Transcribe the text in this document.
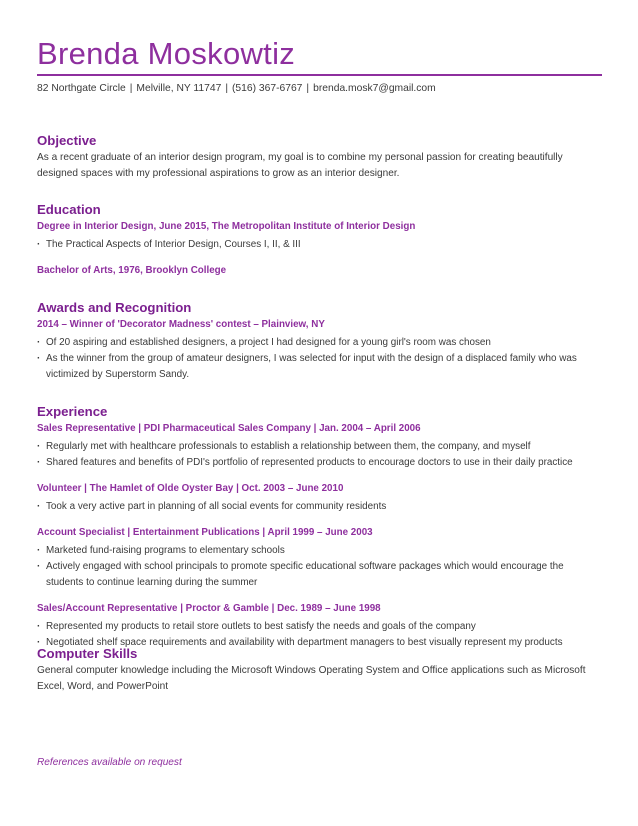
Brenda Moskowtiz
82 Northgate Circle | Melville, NY 11747 | (516) 367-6767 | brenda.mosk7@gmail.com
Objective

As a recent graduate of an interior design program, my goal is to combine my personal passion for creating beautifully designed spaces with my professional aspirations to grow as an interior designer.

Education
Degree in Interior Design, June 2015, The Metropolitan Institute of Interior Design
· The Practical Aspects of Interior Design, Courses I, II, & III
Bachelor of Arts, 1976, Brooklyn College
Awards and Recognition
2014 – Winner of 'Decorator Madness' contest – Plainview, NY
· Of 20 aspiring and established designers, a project I had designed for a young girl's room was chosen
· As the winner from the group of amateur designers, I was selected for input with the design of a displaced family who was victimized by Superstorm Sandy.
Experience
Sales Representative | PDI Pharmaceutical Sales Company | Jan. 2004 – April 2006
· Regularly met with healthcare professionals to establish a relationship between them, the company, and myself
· Shared features and benefits of PDI's portfolio of represented products to encourage doctors to use in their daily practice
Volunteer | The Hamlet of Olde Oyster Bay | Oct. 2003 – June 2010
· Took a very active part in planning of all social events for community residents
Account Specialist | Entertainment Publications | April 1999 – June 2003
· Marketed fund-raising programs to elementary schools
· Actively engaged with school principals to promote specific educational software packages which would encourage the students to continue learning during the summer
Sales/Account Representative | Proctor & Gamble | Dec. 1989 – June 1998
· Represented my products to retail store outlets to best satisfy the needs and goals of the company
· Negotiated shelf space requirements and availability with department managers to best visually represent my products
Computer Skills

General computer knowledge including the Microsoft Windows Operating System and Office applications such as Microsoft Excel, Word, and PowerPoint

References available on request
